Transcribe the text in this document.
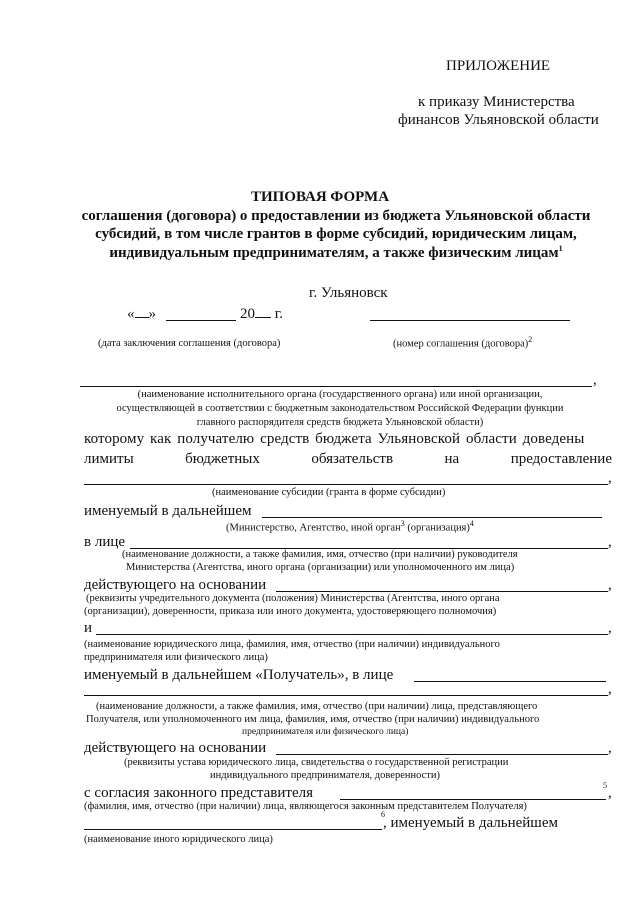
ПРИЛОЖЕНИЕ
к приказу Министерства
финансов Ульяновской области
ТИПОВАЯ ФОРМА
соглашения (договора) о предоставлении из бюджета Ульяновской области
субсидий, в том числе грантов в форме субсидий, юридическим лицам,
индивидуальным предпринимателям, а также физическим лицам$^1$
г. Ульяновск
« »	20 г.
(дата заключения соглашения (договора)	(номер соглашения (договора)$^2$
,
(наименование исполнительного органа (государственного органа) или иной организации,
осуществляющей в соответствии с бюджетным законодательством Российской Федерации функции
главного распорядителя средств бюджета Ульяновской области)
которому как получателю средств бюджета Ульяновской области доведены
лимиты	бюджетных	обязательств	на	предоставление
,
(наименование субсидии (гранта в форме субсидии)
именуемый в дальнейшем
(Министерство, Агентство, иной орган$^3$ (организация)$^4$
в лице	,
(наименование должности, а также фамилия, имя, отчество (при наличии) руководителя
Министерства (Агентства, иного органа (организации) или уполномоченного им лица)
действующего на основании	,
(реквизиты учредительного документа (положения) Министерства (Агентства, иного органа
(организации), доверенности, приказа или иного документа, удостоверяющего полномочия)
и	,
(наименование юридического лица, фамилия, имя, отчество (при наличии) индивидуального
предпринимателя или физического лица)
именуемый в дальнейшем «Получатель», в лице
,
(наименование должности, а также фамилия, имя, отчество (при наличии) лица, представляющего
Получателя, или уполномоченного им лица, фамилия, имя, отчество (при наличии) индивидуального
предпринимателя или физического лица)
действующего на основании	,
(реквизиты устава юридического лица, свидетельства о государственной регистрации
индивидуального предпринимателя, доверенности)
с согласия законного представителя	,
5
(фамилия, имя, отчество (при наличии) лица, являющегося законным представителем Получателя)
6
, именуемый в дальнейшем
(наименование иного юридического лица)
